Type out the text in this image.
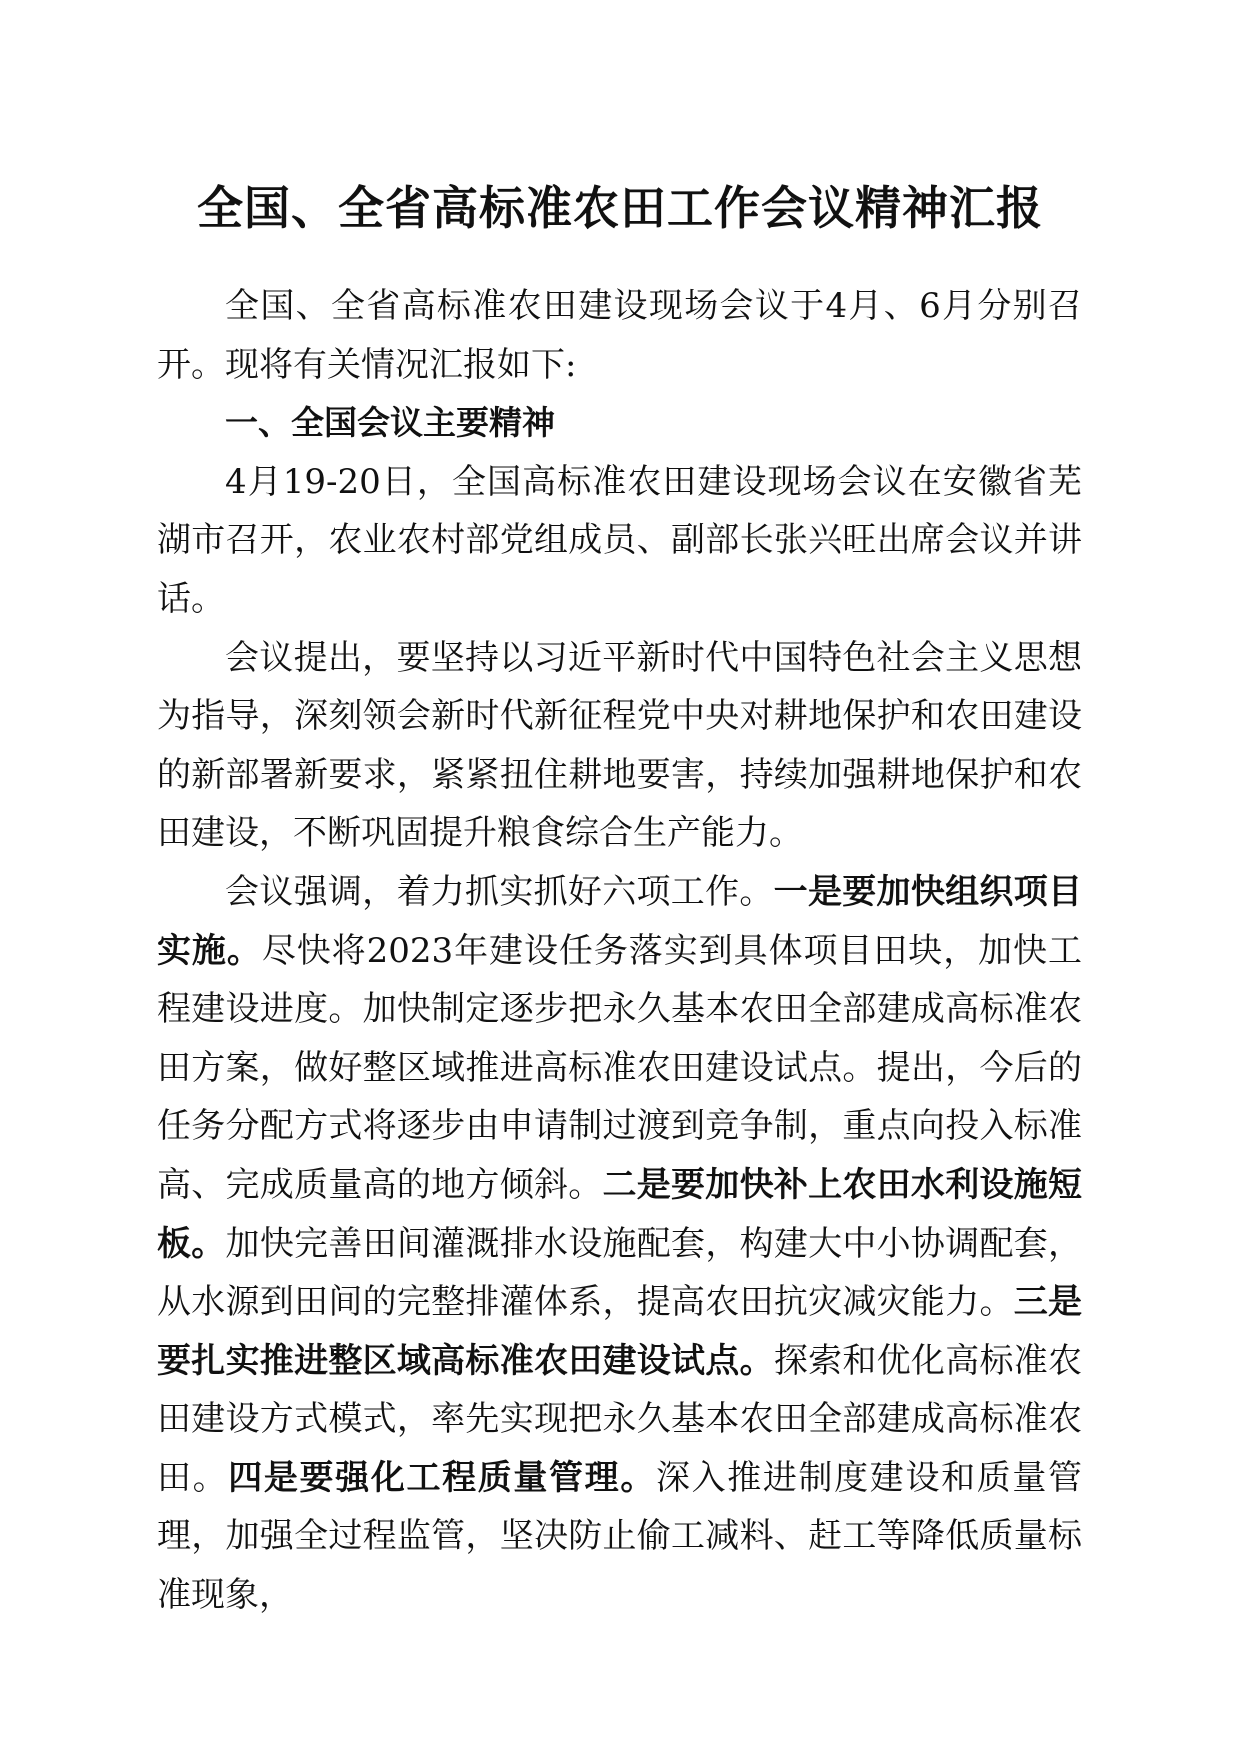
全国、全省高标准农田工作会议精神汇报

全国、全省高标准农田建设现场会议于4月、6月分别召开。现将有关情况汇报如下:

一、全国会议主要精神

4月19-20日，全国高标准农田建设现场会议在安徽省芜湖市召开，农业农村部党组成员、副部长张兴旺出席会议并讲话。

会议提出，要坚持以习近平新时代中国特色社会主义思想为指导，深刻领会新时代新征程党中央对耕地保护和农田建设的新部署新要求，紧紧扭住耕地要害，持续加强耕地保护和农田建设，不断巩固提升粮食综合生产能力。

会议强调，着力抓实抓好六项工作。一是要加快组织项目实施。尽快将2023年建设任务落实到具体项目田块，加快工程建设进度。加快制定逐步把永久基本农田全部建成高标准农田方案，做好整区域推进高标准农田建设试点。提出，今后的任务分配方式将逐步由申请制过渡到竞争制，重点向投入标准高、完成质量高的地方倾斜。二是要加快补上农田水利设施短板。加快完善田间灌溉排水设施配套，构建大中小协调配套，从水源到田间的完整排灌体系，提高农田抗灾减灾能力。三是要扎实推进整区域高标准农田建设试点。探索和优化高标准农田建设方式模式，率先实现把永久基本农田全部建成高标准农田。四是要强化工程质量管理。深入推进制度建设和质量管理，加强全过程监管，坚决防止偷工减料、赶工等降低质量标准现象，
